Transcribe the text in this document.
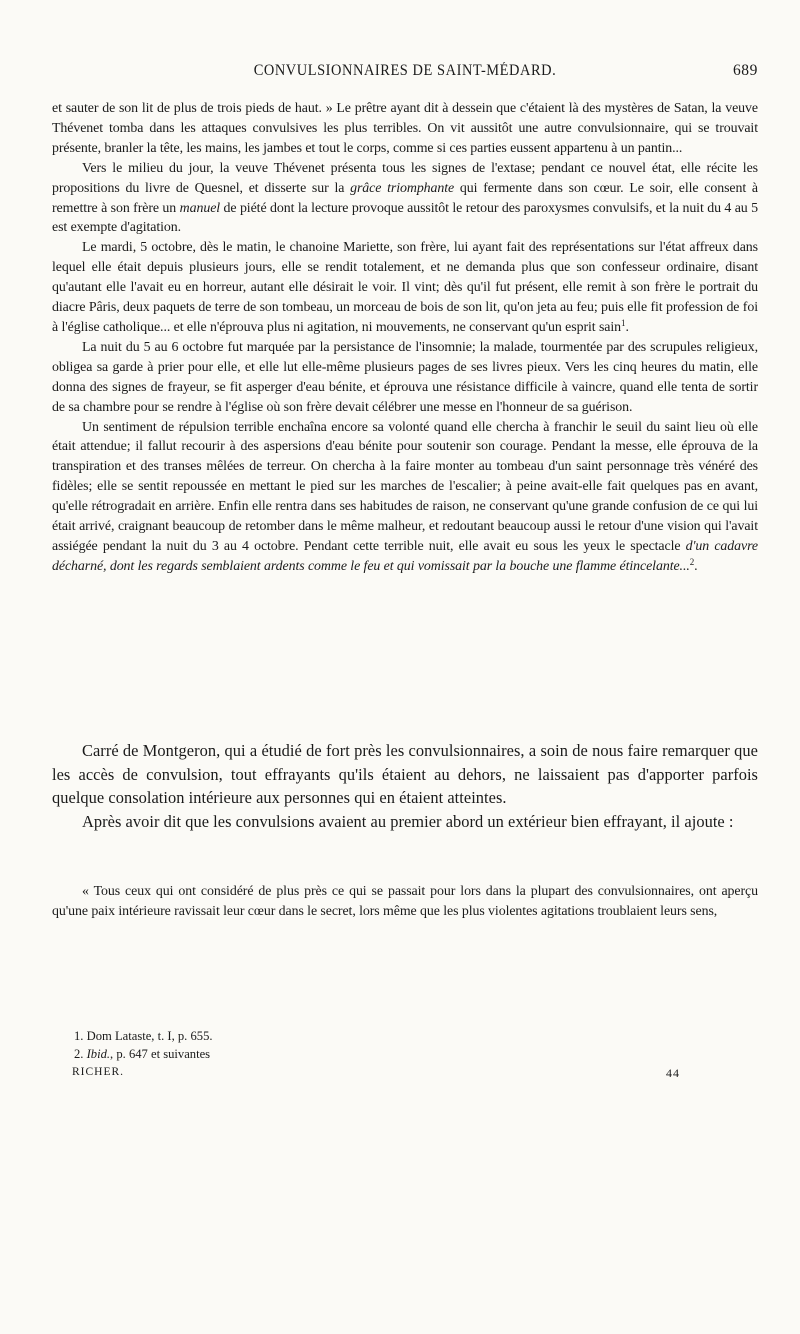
CONVULSIONNAIRES DE SAINT-MÉDARD.	689

et sauter de son lit de plus de trois pieds de haut. » Le prêtre ayant dit à dessein que c'étaient là des mystères de Satan, la veuve Thévenet tomba dans les attaques convulsives les plus terribles. On vit aussitôt une autre convulsionnaire, qui se trouvait présente, branler la tête, les mains, les jambes et tout le corps, comme si ces parties eussent appartenu à un pantin...

Vers le milieu du jour, la veuve Thévenet présenta tous les signes de l'extase; pendant ce nouvel état, elle récite les propositions du livre de Quesnel, et disserte sur la grâce triomphante qui fermente dans son cœur. Le soir, elle consent à remettre à son frère un manuel de piété dont la lecture provoque aussitôt le retour des paroxysmes convulsifs, et la nuit du 4 au 5 est exempte d'agitation.

Le mardi, 5 octobre, dès le matin, le chanoine Mariette, son frère, lui ayant fait des représentations sur l'état affreux dans lequel elle était depuis plusieurs jours, elle se rendit totalement, et ne demanda plus que son confesseur ordinaire, disant qu'autant elle l'avait eu en horreur, autant elle désirait le voir. Il vint; dès qu'il fut présent, elle remit à son frère le portrait du diacre Pâris, deux paquets de terre de son tombeau, un morceau de bois de son lit, qu'on jeta au feu; puis elle fit profession de foi à l'église catholique... et elle n'éprouva plus ni agitation, ni mouvements, ne conservant qu'un esprit sain$^1$.

La nuit du 5 au 6 octobre fut marquée par la persistance de l'insomnie; la malade, tourmentée par des scrupules religieux, obligea sa garde à prier pour elle, et elle lut elle-même plusieurs pages de ses livres pieux. Vers les cinq heures du matin, elle donna des signes de frayeur, se fit asperger d'eau bénite, et éprouva une résistance difficile à vaincre, quand elle tenta de sortir de sa chambre pour se rendre à l'église où son frère devait célébrer une messe en l'honneur de sa guérison.

Un sentiment de répulsion terrible enchaîna encore sa volonté quand elle chercha à franchir le seuil du saint lieu où elle était attendue; il fallut recourir à des aspersions d'eau bénite pour soutenir son courage. Pendant la messe, elle éprouva de la transpiration et des transes mêlées de terreur. On chercha à la faire monter au tombeau d'un saint personnage très vénéré des fidèles; elle se sentit repoussée en mettant le pied sur les marches de l'escalier; à peine avait-elle fait quelques pas en avant, qu'elle rétrogradait en arrière. Enfin elle rentra dans ses habitudes de raison, ne conservant qu'une grande confusion de ce qui lui était arrivé, craignant beaucoup de retomber dans le même malheur, et redoutant beaucoup aussi le retour d'une vision qui l'avait assiégée pendant la nuit du 3 au 4 octobre. Pendant cette terrible nuit, elle avait eu sous les yeux le spectacle d'un cadavre décharné, dont les regards semblaient ardents comme le feu et qui vomissait par la bouche une flamme étincelante...$^2$.

Carré de Montgeron, qui a étudié de fort près les convulsionnaires, a soin de nous faire remarquer que les accès de convulsion, tout effrayants qu'ils étaient au dehors, ne laissaient pas d'apporter parfois quelque consolation intérieure aux personnes qui en étaient atteintes.

Après avoir dit que les convulsions avaient au premier abord un extérieur bien effrayant, il ajoute :

« Tous ceux qui ont considéré de plus près ce qui se passait pour lors dans la plupart des convulsionnaires, ont aperçu qu'une paix intérieure ravissait leur cœur dans le secret, lors même que les plus violentes agitations troublaient leurs sens,

1. Dom Lataste, t. I, p. 655.
2. Ibid., p. 647 et suivantes
RICHER.	44
